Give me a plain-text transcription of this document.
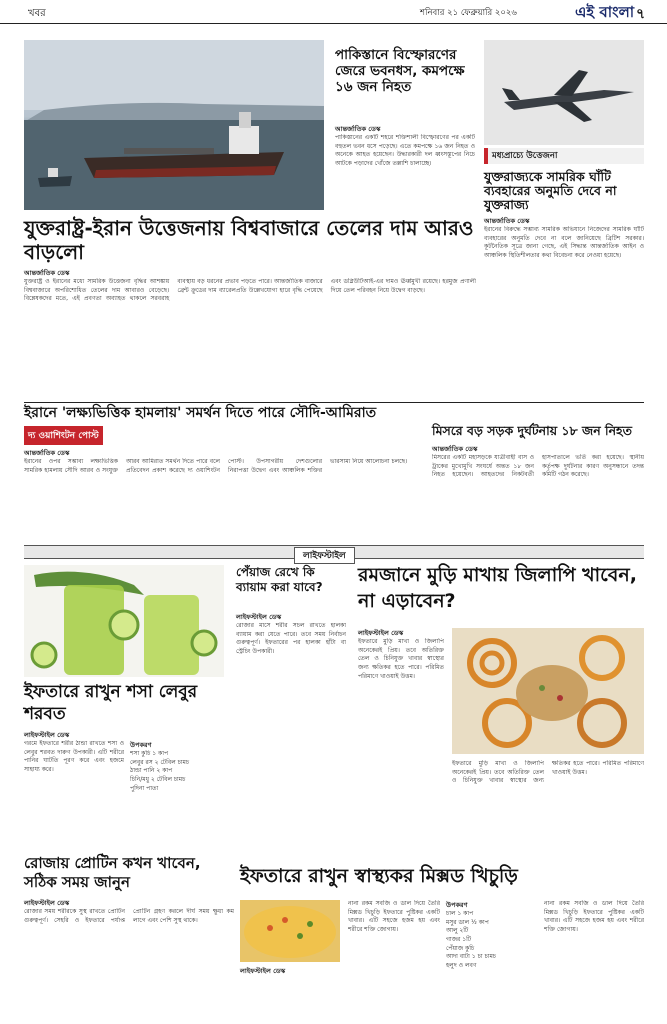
খবর	শনিবার ২১ ফেব্রুয়ারি ২০২৬	এই বাংলা ৭
পাকিস্তানে বিস্ফোরণের জেরে ভবনধস, কমপক্ষে ১৬ জন নিহত
আন্তর্জাতিক ডেস্ক
পাকিস্তানের একটি শহরে শক্তিশালী বিস্ফোরণের পর একটি বহুতল ভবন ধসে পড়েছে। এতে কমপক্ষে ১৬ জন নিহত ও অনেকে আহত হয়েছেন। উদ্ধারকারী দল ধ্বংসস্তূপের নিচে আটকে পড়াদের খোঁজে তল্লাশি চালাচ্ছে।
মধ্যপ্রাচ্যে উত্তেজনা
যুক্তরাজ্যকে সামরিক ঘাঁটি ব্যবহারের অনুমতি দেবে না যুক্তরাজ্য
আন্তর্জাতিক ডেস্ক
ইরানের বিরুদ্ধে সম্ভাব্য সামরিক অভিযানে নিজেদের সামরিক ঘাঁটি ব্যবহারের অনুমতি দেবে না বলে জানিয়েছে ব্রিটিশ সরকার। কূটনৈতিক সূত্রে জানা গেছে, এই সিদ্ধান্ত আন্তর্জাতিক আইন ও আঞ্চলিক স্থিতিশীলতার কথা বিবেচনা করে নেওয়া হয়েছে।
যুক্তরাষ্ট্র-ইরান উত্তেজনায় বিশ্ববাজারে তেলের দাম আরও বাড়লো
আন্তর্জাতিক ডেস্ক
যুক্তরাষ্ট্র ও ইরানের মধ্যে সামরিক উত্তেজনা বৃদ্ধির আশঙ্কায় বিশ্ববাজারে অপরিশোধিত তেলের দাম আবারও বেড়েছে। বিশ্লেষকদের মতে, এই প্রবণতা অব্যাহত থাকলে সরবরাহ ব্যবস্থায় বড় ধরনের প্রভাব পড়তে পারে। আন্তর্জাতিক বাজারে ব্রেন্ট ক্রুডের দাম ব্যারেলপ্রতি উল্লেখযোগ্য হারে বৃদ্ধি পেয়েছে এবং ডব্লিউটিআই-এর দামও ঊর্ধ্বমুখী রয়েছে। হরমুজ প্রণালী দিয়ে তেল পরিবহন নিয়ে উদ্বেগ বাড়ছে।
ইরানে 'লক্ষ্যভিত্তিক হামলায়' সমর্থন দিতে পারে সৌদি-আমিরাত
দ্য ওয়াশিংটন পোস্ট
আন্তর্জাতিক ডেস্ক
ইরানের ওপর সম্ভাব্য লক্ষ্যভিত্তিক সামরিক হামলায় সৌদি আরব ও সংযুক্ত আরব আমিরাত সমর্থন দিতে পারে বলে প্রতিবেদন প্রকাশ করেছে দ্য ওয়াশিংটন পোস্ট। উপসাগরীয় দেশগুলোর নিরাপত্তা উদ্বেগ এবং আঞ্চলিক শক্তির ভারসাম্য নিয়ে আলোচনা চলছে।
মিসরে বড় সড়ক দুর্ঘটনায় ১৮ জন নিহত
আন্তর্জাতিক ডেস্ক
মিসরের একটি মহাসড়কে যাত্রীবাহী বাস ও ট্রাকের মুখোমুখি সংঘর্ষে অন্তত ১৮ জন নিহত হয়েছেন। আহতদের নিকটবর্তী হাসপাতালে ভর্তি করা হয়েছে। স্থানীয় কর্তৃপক্ষ দুর্ঘটনার কারণ অনুসন্ধানে তদন্ত কমিটি গঠন করেছে।
লাইফস্টাইল
ইফতারে রাখুন শসা লেবুর শরবত
লাইফস্টাইল ডেস্ক
গরমে ইফতারে শরীর ঠান্ডা রাখতে শসা ও লেবুর শরবত দারুণ উপকারী। এটি শরীরে পানির ঘাটতি পূরণ করে এবং হজমে সাহায্য করে।
উপকরণ
শসা কুচি ১ কাপ
লেবুর রস ২ টেবিল চামচ
ঠান্ডা পানি ২ কাপ
চিনি/মধু ২ টেবিল চামচ
পুদিনা পাতা
পেঁয়াজ রেখে কি ব্যায়াম করা যাবে?
লাইফস্টাইল ডেস্ক
রোজার মাসে শরীর সচল রাখতে হালকা ব্যায়াম করা যেতে পারে। তবে সময় নির্বাচন গুরুত্বপূর্ণ। ইফতারের পর হালকা হাঁটা বা স্ট্রেচিং উপকারী।
রমজানে মুড়ি মাখায় জিলাপি খাবেন, না এড়াবেন?
লাইফস্টাইল ডেস্ক
ইফতারে মুড়ি মাখা ও জিলাপি অনেকেরই প্রিয়। তবে অতিরিক্ত তেল ও চিনিযুক্ত খাবার স্বাস্থ্যের জন্য ক্ষতিকর হতে পারে। পরিমিত পরিমাণে খাওয়াই উত্তম।
ইফতারে মুড়ি মাখা ও জিলাপি অনেকেরই প্রিয়। তবে অতিরিক্ত তেল ও চিনিযুক্ত খাবার স্বাস্থ্যের জন্য ক্ষতিকর হতে পারে। পরিমিত পরিমাণে খাওয়াই উত্তম।
রোজায় প্রোটিন কখন খাবেন, সঠিক সময় জানুন
লাইফস্টাইল ডেস্ক
রোজার সময় শরীরকে সুস্থ রাখতে প্রোটিন গুরুত্বপূর্ণ। সেহরি ও ইফতারে পর্যাপ্ত প্রোটিন গ্রহণ করলে দীর্ঘ সময় ক্ষুধা কম লাগে এবং পেশি সুস্থ থাকে।
ইফতারে রাখুন স্বাস্থ্যকর মিক্সড খিচুড়ি
লাইফস্টাইল ডেস্ক
নানা রকম সবজি ও ডাল দিয়ে তৈরি মিক্সড খিচুড়ি ইফতারে পুষ্টিকর একটি খাবার। এটি সহজে হজম হয় এবং শরীরে শক্তি জোগায়।
উপকরণ
চাল ১ কাপ
মসুর ডাল ½ কাপ
আলু ২টি
গাজর ১টি
পেঁয়াজ কুচি
আদা বাটা ১ চা চামচ
হলুদ ও লবণ
নানা রকম সবজি ও ডাল দিয়ে তৈরি মিক্সড খিচুড়ি ইফতারে পুষ্টিকর একটি খাবার। এটি সহজে হজম হয় এবং শরীরে শক্তি জোগায়।
